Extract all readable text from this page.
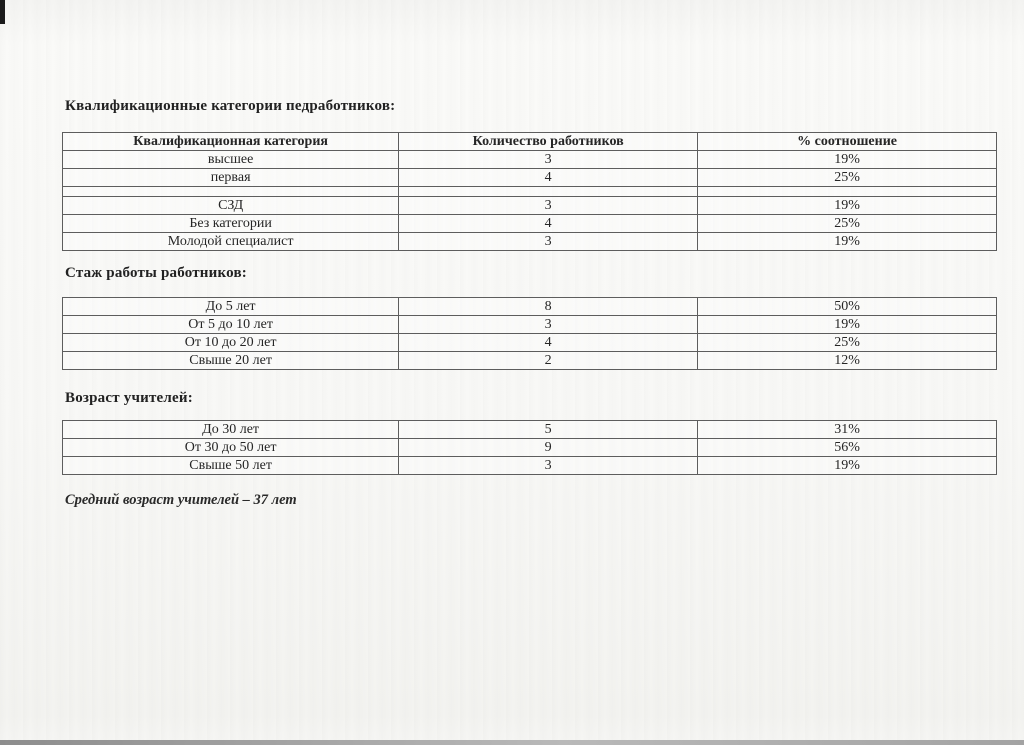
Квалификационные категории педработников:
Квалификационная категория	Количество работников	% соотношение
высшее	3	19%
первая	4	25%

СЗД	3	19%
Без категории	4	25%
Молодой специалист	3	19%
Стаж работы работников:
До 5 лет	8	50%
От 5 до 10 лет	3	19%
От 10 до 20 лет	4	25%
Свыше 20 лет	2	12%
Возраст учителей:
До 30 лет	5	31%
От 30 до 50 лет	9	56%
Свыше 50 лет	3	19%

Средний возраст учителей – 37 лет
